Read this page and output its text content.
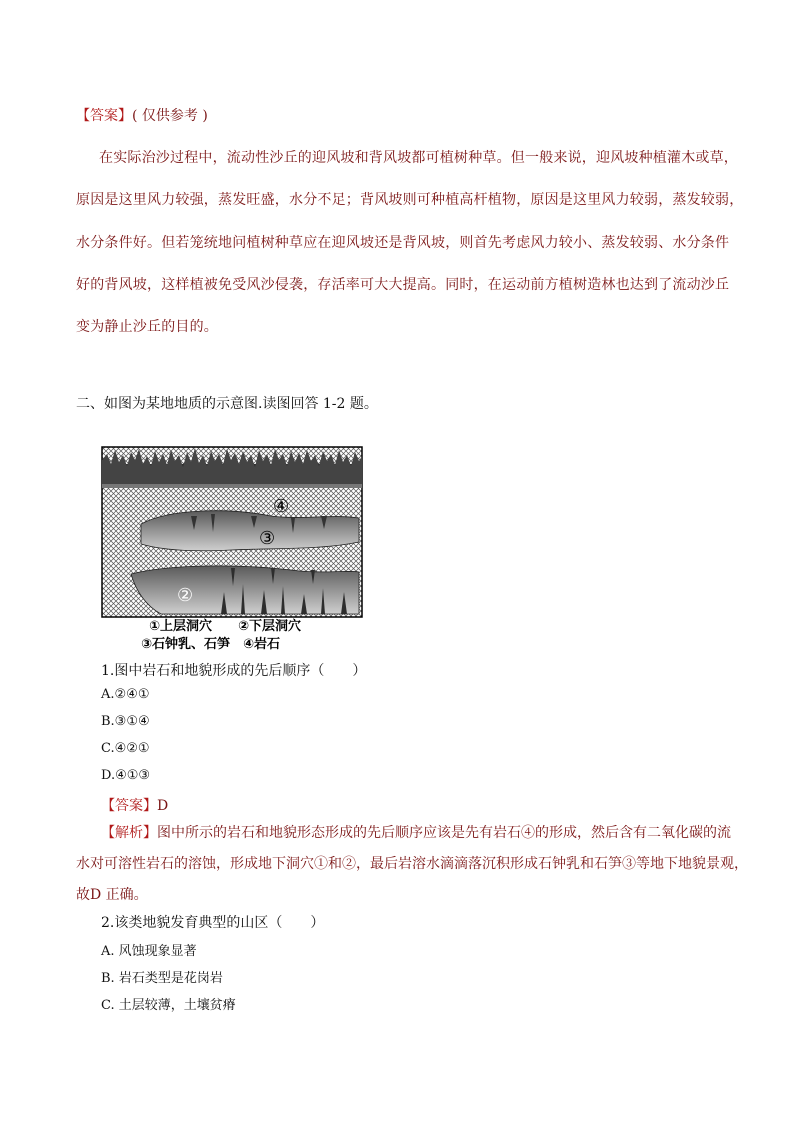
【答案】( 仅供参考 )
在实际治沙过程中，流动性沙丘的迎风坡和背风坡都可植树种草。但一般来说，迎风坡种植灌木或草，
原因是这里风力较强，蒸发旺盛，水分不足；背风坡则可种植高杆植物，原因是这里风力较弱，蒸发较弱，
水分条件好。但若笼统地问植树种草应在迎风坡还是背风坡，则首先考虑风力较小、蒸发较弱、水分条件
好的背风坡，这样植被免受风沙侵袭，存活率可大大提高。同时，在运动前方植树造林也达到了流动沙丘
变为静止沙丘的目的。
二、如图为某地地质的示意图.读图回答 1-2 题。
④
③
②
①上层洞穴　　②下层洞穴
③石钟乳、石笋　④岩石
1.图中岩石和地貌形成的先后顺序（　　）
A.②④①
B.③①④
C.④②①
D.④①③
【答案】D
【解析】图中所示的岩石和地貌形态形成的先后顺序应该是先有岩石④的形成，然后含有二氧化碳的流
水对可溶性岩石的溶蚀，形成地下洞穴①和②，最后岩溶水滴滴落沉积形成石钟乳和石笋③等地下地貌景观，
故D 正确。
2.该类地貌发育典型的山区（　　）
A. 风蚀现象显著
B. 岩石类型是花岗岩
C. 土层较薄，土壤贫瘠
